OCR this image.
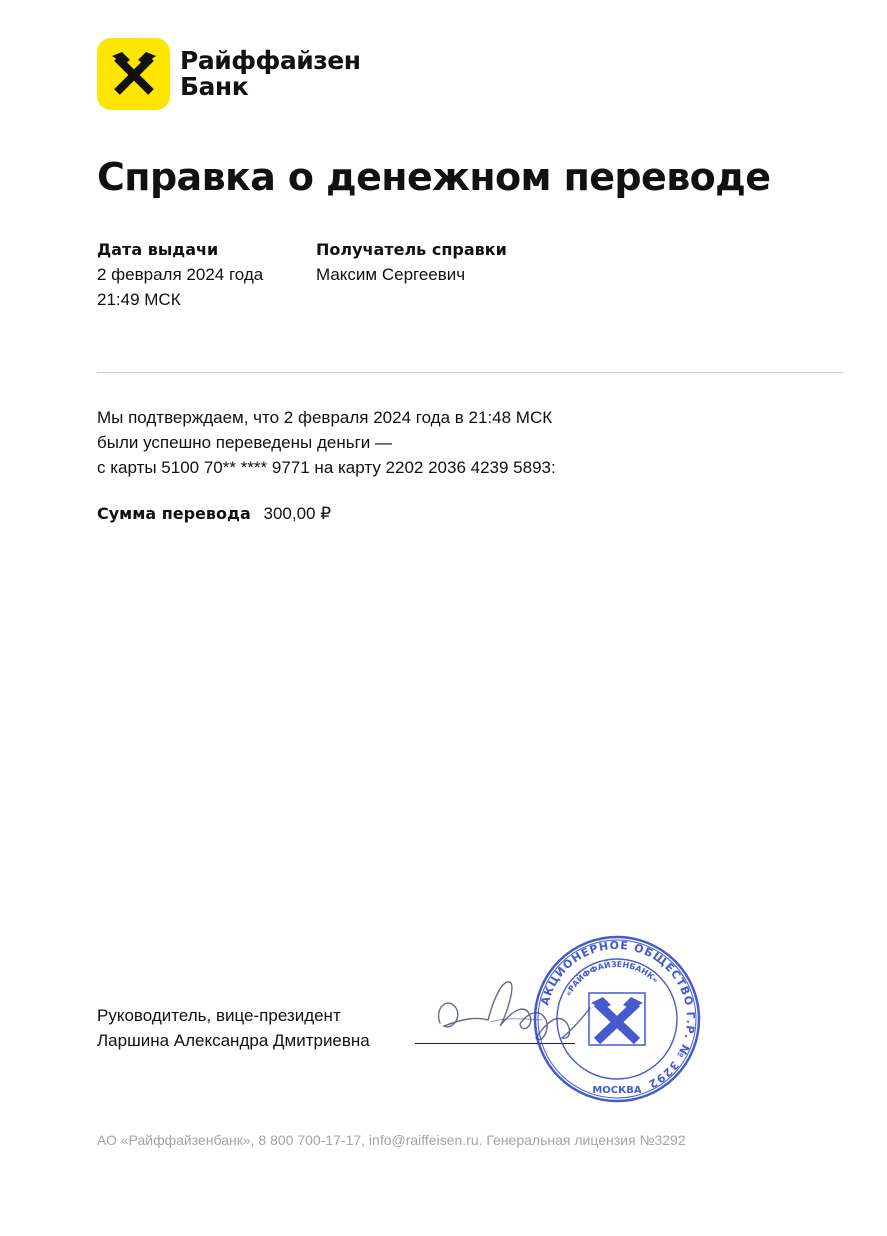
Райффайзен
Банк
Справка о денежном переводе
Дата выдачи
2 февраля 2024 года
21:49 МСК
Получатель справки
Максим Сергеевич
Мы подтверждаем, что 2 февраля 2024 года в 21:48 МСК
были успешно переведены деньги —
с карты 5100 70** **** 9771 на карту 2202 2036 4239 5893:
Сумма перевода 300,00 ₽
Руководитель, вице-президент
Ларшина Александра Дмитриевна
АКЦИОНЕРНОЕ ОБЩЕСТВО Г.Р. № 3292
«РАЙФФАЙЗЕНБАНК»
МОСКВА
АО «Райффайзенбанк», 8 800 700-17-17, info@raiffeisen.ru. Генеральная лицензия №3292
